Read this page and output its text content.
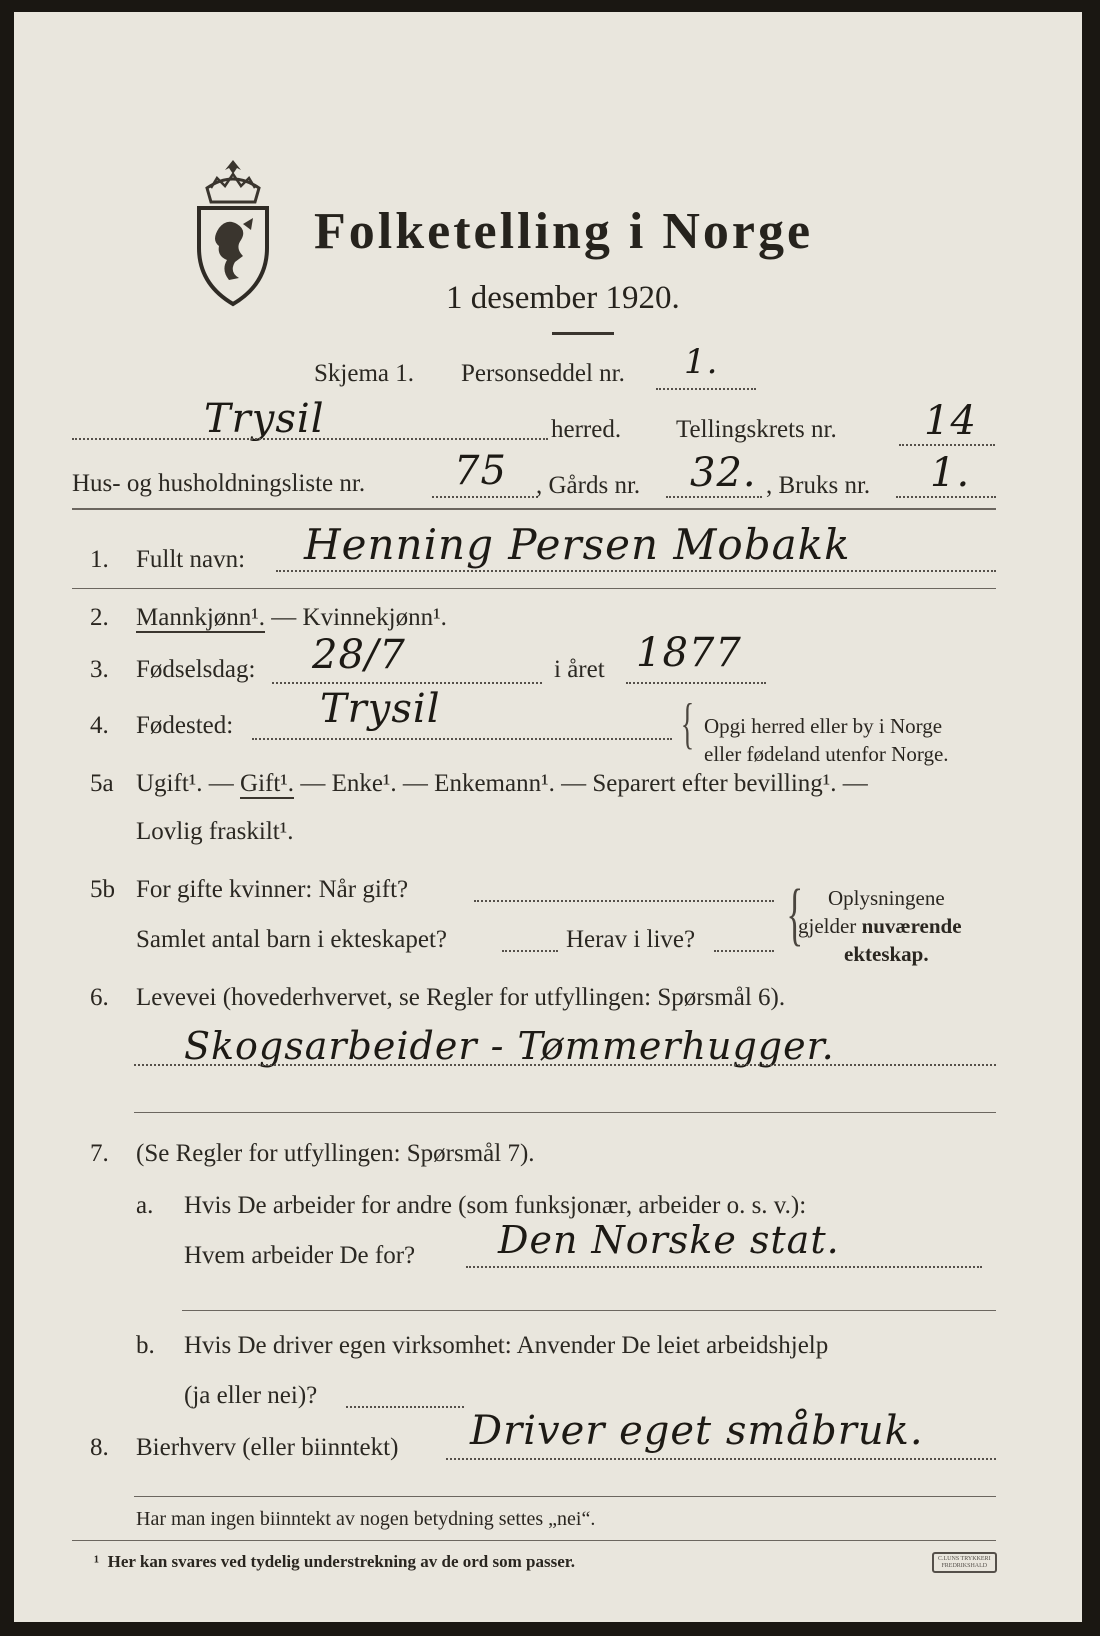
Folketelling i Norge
1 desember 1920.
Skjema 1. Personseddel nr. 1.
Trysil	herred. Tellingskrets nr. 14
Hus- og husholdningsliste nr. 75 , Gårds nr. 32. , Bruks nr. 1.
1. Fullt navn: Henning Persen Mobakk
2. Mannkjønn¹. — Kvinnekjønn¹.
3. Fødselsdag: 28/7	i året 1877
4. Fødested: Trysil	{ Opgi herred eller by i Norge
eller fødeland utenfor Norge.
5a Ugift¹. — Gift¹. — Enke¹. — Enkemann¹. — Separert efter bevilling¹. —
Lovlig fraskilt¹.
5b For gifte kvinner: Når gift?
Samlet antal barn i ekteskapet?	Herav i live? { Oplysningene
gjelder nuværende
ekteskap.
6. Levevei (hovederhvervet, se Regler for utfyllingen: Spørsmål 6).
Skogsarbeider - Tømmerhugger.
7. (Se Regler for utfyllingen: Spørsmål 7).
a. Hvis De arbeider for andre (som funksjonær, arbeider o. s. v.):
Hvem arbeider De for? Den Norske stat.
b. Hvis De driver egen virksomhet: Anvender De leiet arbeidshjelp
(ja eller nei)?
8. Bierhverv (eller biinntekt) Driver eget småbruk.
Har man ingen biinntekt av nogen betydning settes „nei“.
¹ Her kan svares ved tydelig understrekning av de ord som passer.	C.LUNS TRYKKERI
FREDRIKSHALD
